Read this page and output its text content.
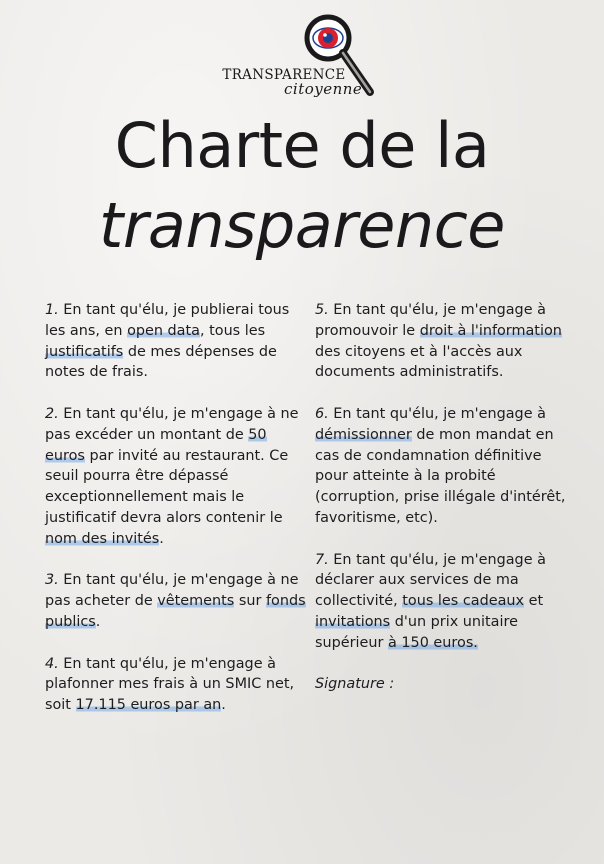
TRANSPARENCE
citoyenne
Charte de la
transparence
1. En tant qu'élu, je publierai tous les ans, en open data, tous les justificatifs de mes dépenses de notes de frais.
2. En tant qu'élu, je m'engage à ne pas excéder un montant de 50 euros par invité au restaurant. Ce seuil pourra être dépassé exceptionnellement mais le justificatif devra alors contenir le nom des invités.
3. En tant qu'élu, je m'engage à ne pas acheter de vêtements sur fonds publics.
4. En tant qu'élu, je m'engage à plafonner mes frais à un SMIC net, soit 17.115 euros par an.
5. En tant qu'élu, je m'engage à promouvoir le droit à l'information des citoyens et à l'accès aux documents administratifs.
6. En tant qu'élu, je m'engage à démissionner de mon mandat en cas de condamnation définitive pour atteinte à la probité (corruption, prise illégale d'intérêt, favoritisme, etc).
7. En tant qu'élu, je m'engage à déclarer aux services de ma collectivité, tous les cadeaux et invitations d'un prix unitaire supérieur à 150 euros.
Signature :
